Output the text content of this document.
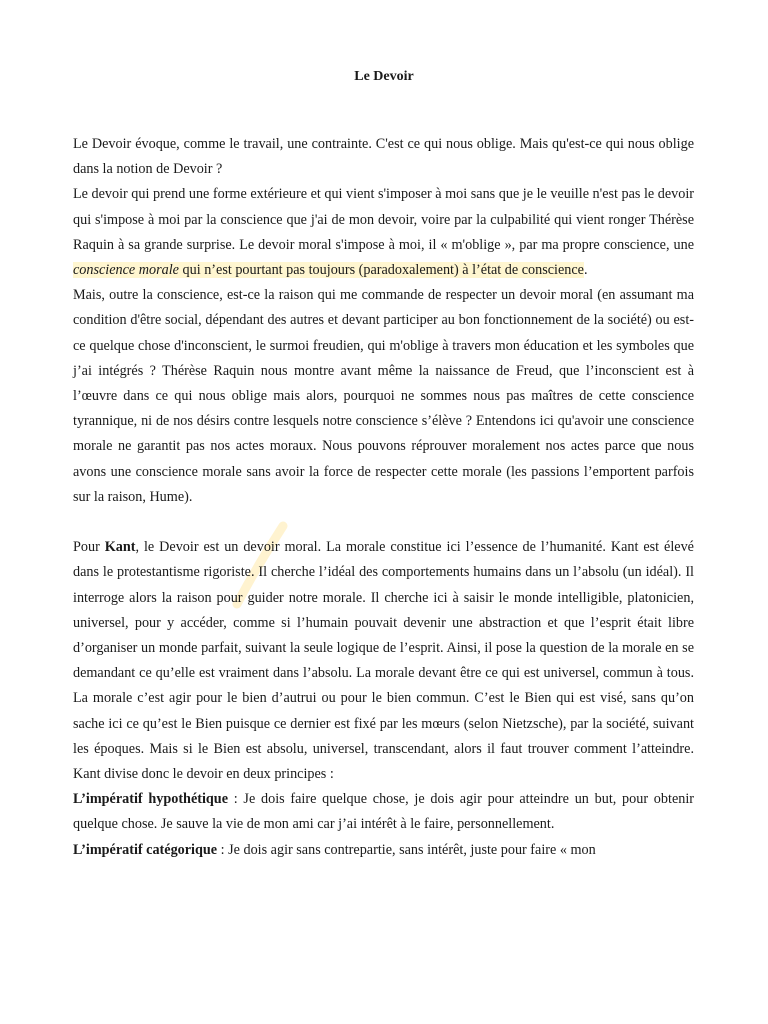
Le Devoir

Le Devoir évoque, comme le travail, une contrainte. C'est ce qui nous oblige. Mais qu'est-ce qui nous oblige dans la notion de Devoir ?

Le devoir qui prend une forme extérieure et qui vient s'imposer à moi sans que je le veuille n'est pas le devoir qui s'impose à moi par la conscience que j'ai de mon devoir, voire par la culpabilité qui vient ronger Thérèse Raquin à sa grande surprise. Le devoir moral s'impose à moi, il « m'oblige », par ma propre conscience, une conscience morale qui n’est pourtant pas toujours (paradoxalement) à l’état de conscience.

Mais, outre la conscience, est-ce la raison qui me commande de respecter un devoir moral (en assumant ma condition d'être social, dépendant des autres et devant participer au bon fonctionnement de la société) ou est-ce quelque chose d'inconscient, le surmoi freudien, qui m'oblige à travers mon éducation et les symboles que j’ai intégrés ? Thérèse Raquin nous montre avant même la naissance de Freud, que l’inconscient est à l’œuvre dans ce qui nous oblige mais alors, pourquoi ne sommes nous pas maîtres de cette conscience tyrannique, ni de nos désirs contre lesquels notre conscience s’élève ? Entendons ici qu'avoir une conscience morale ne garantit pas nos actes moraux. Nous pouvons réprouver moralement nos actes parce que nous avons une conscience morale sans avoir la force de respecter cette morale (les passions l’emportent parfois sur la raison, Hume).

Pour Kant, le Devoir est un devoir moral. La morale constitue ici l’essence de l’humanité. Kant est élevé dans le protestantisme rigoriste. Il cherche l’idéal des comportements humains dans un l’absolu (un idéal). Il interroge alors la raison pour guider notre morale. Il cherche ici à saisir le monde intelligible, platonicien, universel, pour y accéder, comme si l’humain pouvait devenir une abstraction et que l’esprit était libre d’organiser un monde parfait, suivant la seule logique de l’esprit. Ainsi, il pose la question de la morale en se demandant ce qu’elle est vraiment dans l’absolu. La morale devant être ce qui est universel, commun à tous. La morale c’est agir pour le bien d’autrui ou pour le bien commun. C’est le Bien qui est visé, sans qu’on sache ici ce qu’est le Bien puisque ce dernier est fixé par les mœurs (selon Nietzsche), par la société, suivant les époques. Mais si le Bien est absolu, universel, transcendant, alors il faut trouver comment l’atteindre. Kant divise donc le devoir en deux principes :

L’impératif hypothétique : Je dois faire quelque chose, je dois agir pour atteindre un but, pour obtenir quelque chose. Je sauve la vie de mon ami car j’ai intérêt à le faire, personnellement.

L’impératif catégorique : Je dois agir sans contrepartie, sans intérêt, juste pour faire « mon
